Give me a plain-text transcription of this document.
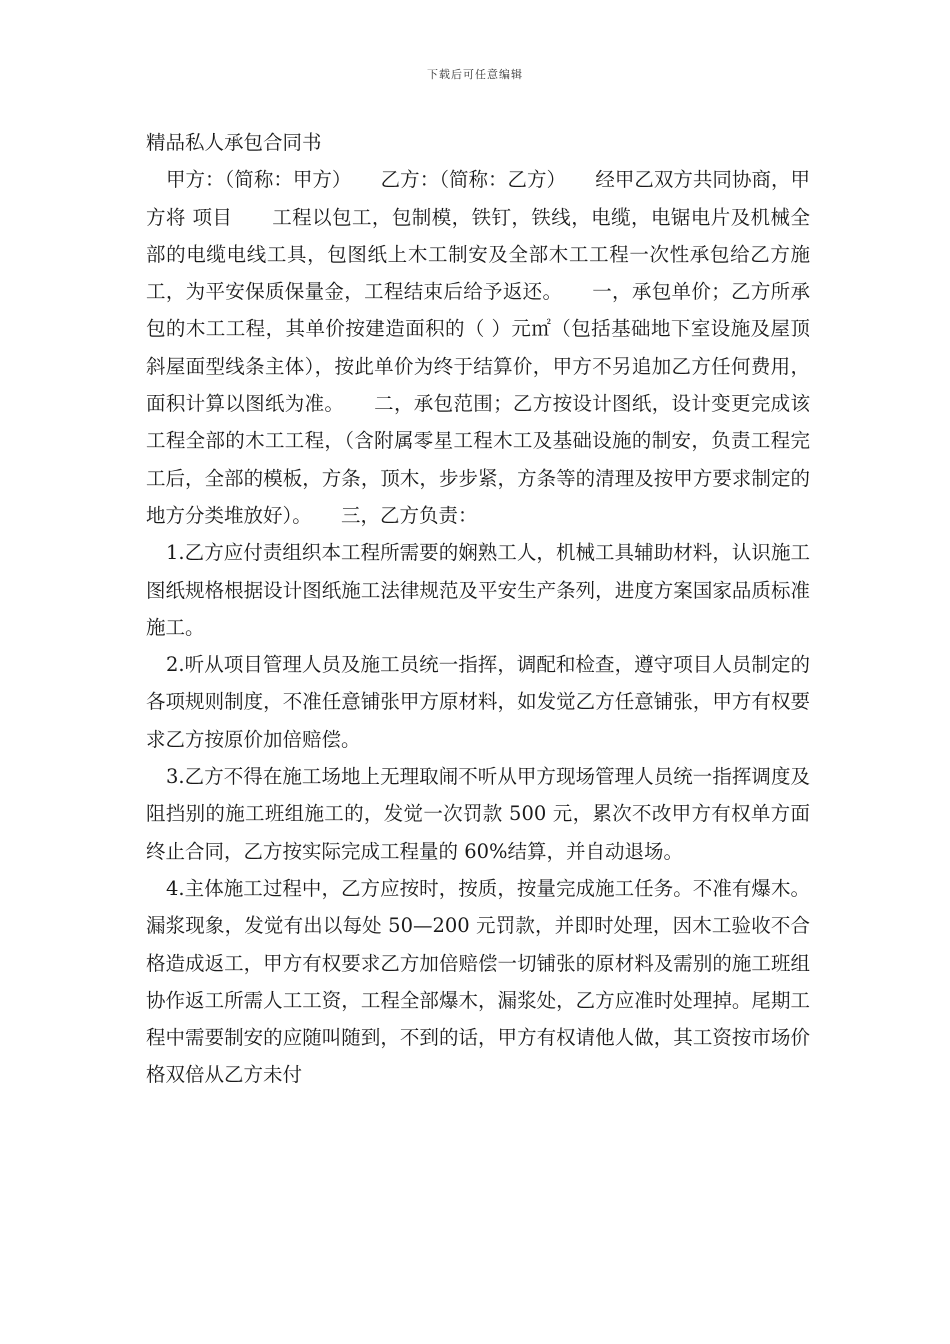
下载后可任意编辑

精品私人承包合同书

甲方：（简称：甲方）　　乙方：（简称：乙方）　　经甲乙双方共同协商，甲方将 项目　　工程以包工，包制模，铁钉，铁线，电缆，电锯电片及机械全部的电缆电线工具，包图纸上木工制安及全部木工工程一次性承包给乙方施工，为平安保质保量金，工程结束后给予返还。　　一，承包单价；乙方所承包的木工工程，其单价按建造面积的（ ）元㎡（包括基础地下室设施及屋顶斜屋面型线条主体），按此单价为终于结算价，甲方不另追加乙方任何费用，面积计算以图纸为准。　　二，承包范围；乙方按设计图纸，设计变更完成该工程全部的木工工程，（含附属零星工程木工及基础设施的制安，负责工程完工后，全部的模板，方条，顶木，步步紧，方条等的清理及按甲方要求制定的地方分类堆放好）。　　三，乙方负责：

1.乙方应付责组织本工程所需要的娴熟工人，机械工具辅助材料，认识施工图纸规格根据设计图纸施工法律规范及平安生产条列，进度方案国家品质标准施工。

2.听从项目管理人员及施工员统一指挥，调配和检查，遵守项目人员制定的各项规则制度，不准任意铺张甲方原材料，如发觉乙方任意铺张，甲方有权要求乙方按原价加倍赔偿。

3.乙方不得在施工场地上无理取闹不听从甲方现场管理人员统一指挥调度及阻挡别的施工班组施工的，发觉一次罚款 500 元，累次不改甲方有权单方面终止合同，乙方按实际完成工程量的 60%结算，并自动退场。

4.主体施工过程中，乙方应按时，按质，按量完成施工任务。不准有爆木。漏浆现象，发觉有出以每处 50—200 元罚款，并即时处理，因木工验收不合格造成返工，甲方有权要求乙方加倍赔偿一切铺张的原材料及需别的施工班组协作返工所需人工工资，工程全部爆木，漏浆处，乙方应准时处理掉。尾期工程中需要制安的应随叫随到，不到的话，甲方有权请他人做，其工资按市场价格双倍从乙方未付
